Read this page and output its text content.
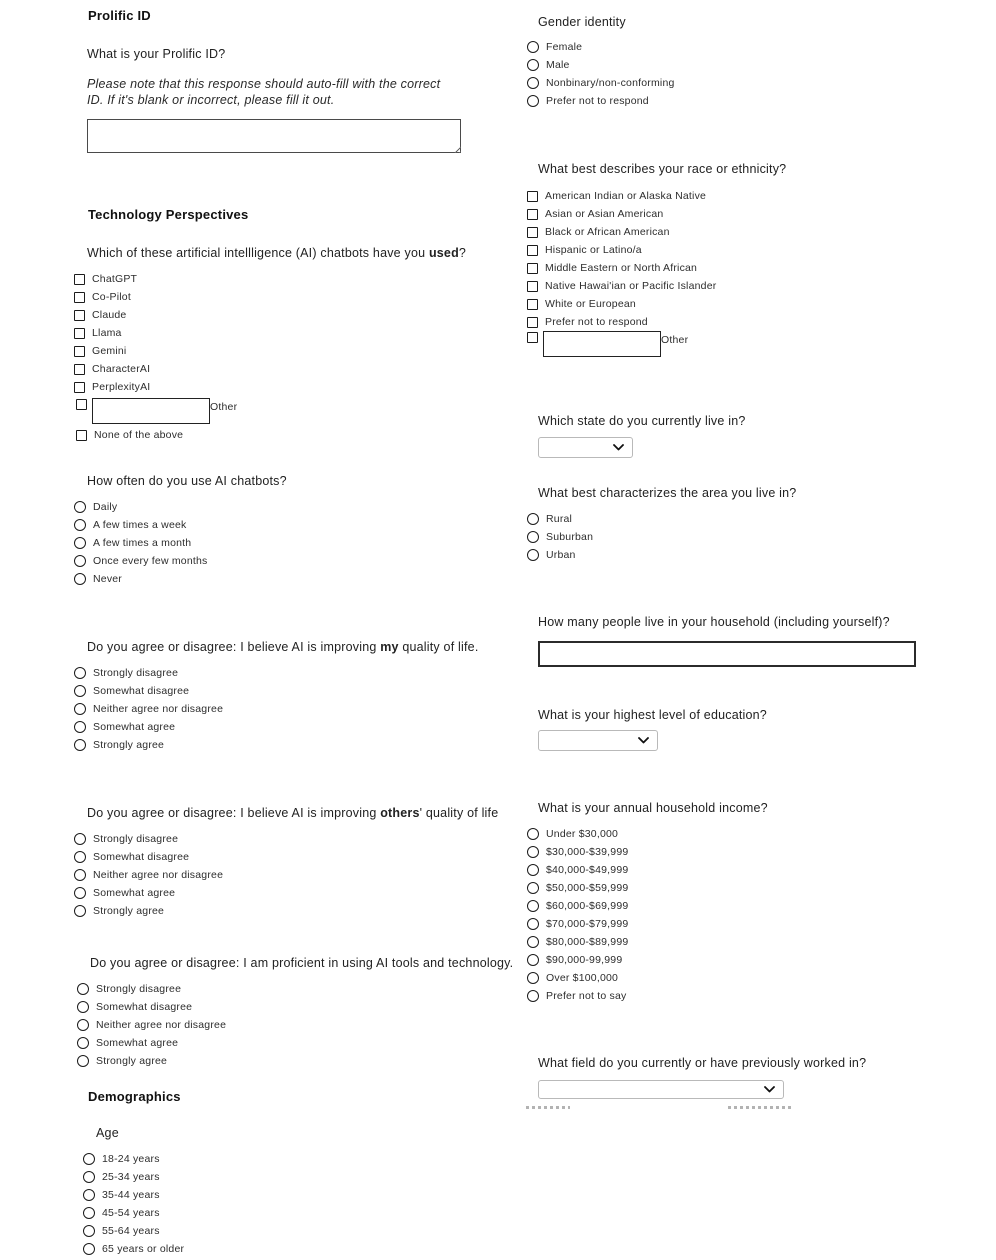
Prolific ID
What is your Prolific ID?
Please note that this response should auto-fill with the correct ID. If it's blank or incorrect, please fill it out.
Technology Perspectives
Which of these artificial intellligence (AI) chatbots have you used?
ChatGPT
Co-Pilot
Claude
Llama
Gemini
CharacterAI
PerplexityAI
Other
None of the above
How often do you use AI chatbots?
Daily
A few times a week
A few times a month
Once every few months
Never
Do you agree or disagree: I believe AI is improving my quality of life.
Strongly disagree
Somewhat disagree
Neither agree nor disagree
Somewhat agree
Strongly agree
Do you agree or disagree: I believe AI is improving others' quality of life
Strongly disagree
Somewhat disagree
Neither agree nor disagree
Somewhat agree
Strongly agree
Do you agree or disagree: I am proficient in using AI tools and technology.
Strongly disagree
Somewhat disagree
Neither agree nor disagree
Somewhat agree
Strongly agree
Demographics
Age
18-24 years
25-34 years
35-44 years
45-54 years
55-64 years
65 years or older
Gender identity
Female
Male
Nonbinary/non-conforming
Prefer not to respond
What best describes your race or ethnicity?
American Indian or Alaska Native
Asian or Asian American
Black or African American
Hispanic or Latino/a
Middle Eastern or North African
Native Hawai'ian or Pacific Islander
White or European
Prefer not to respond
Other
Which state do you currently live in?
What best characterizes the area you live in?
Rural
Suburban
Urban
How many people live in your household (including yourself)?
What is your highest level of education?
What is your annual household income?
Under $30,000
$30,000-$39,999
$40,000-$49,999
$50,000-$59,999
$60,000-$69,999
$70,000-$79,999
$80,000-$89,999
$90,000-99,999
Over $100,000
Prefer not to say
What field do you currently or have previously worked in?
